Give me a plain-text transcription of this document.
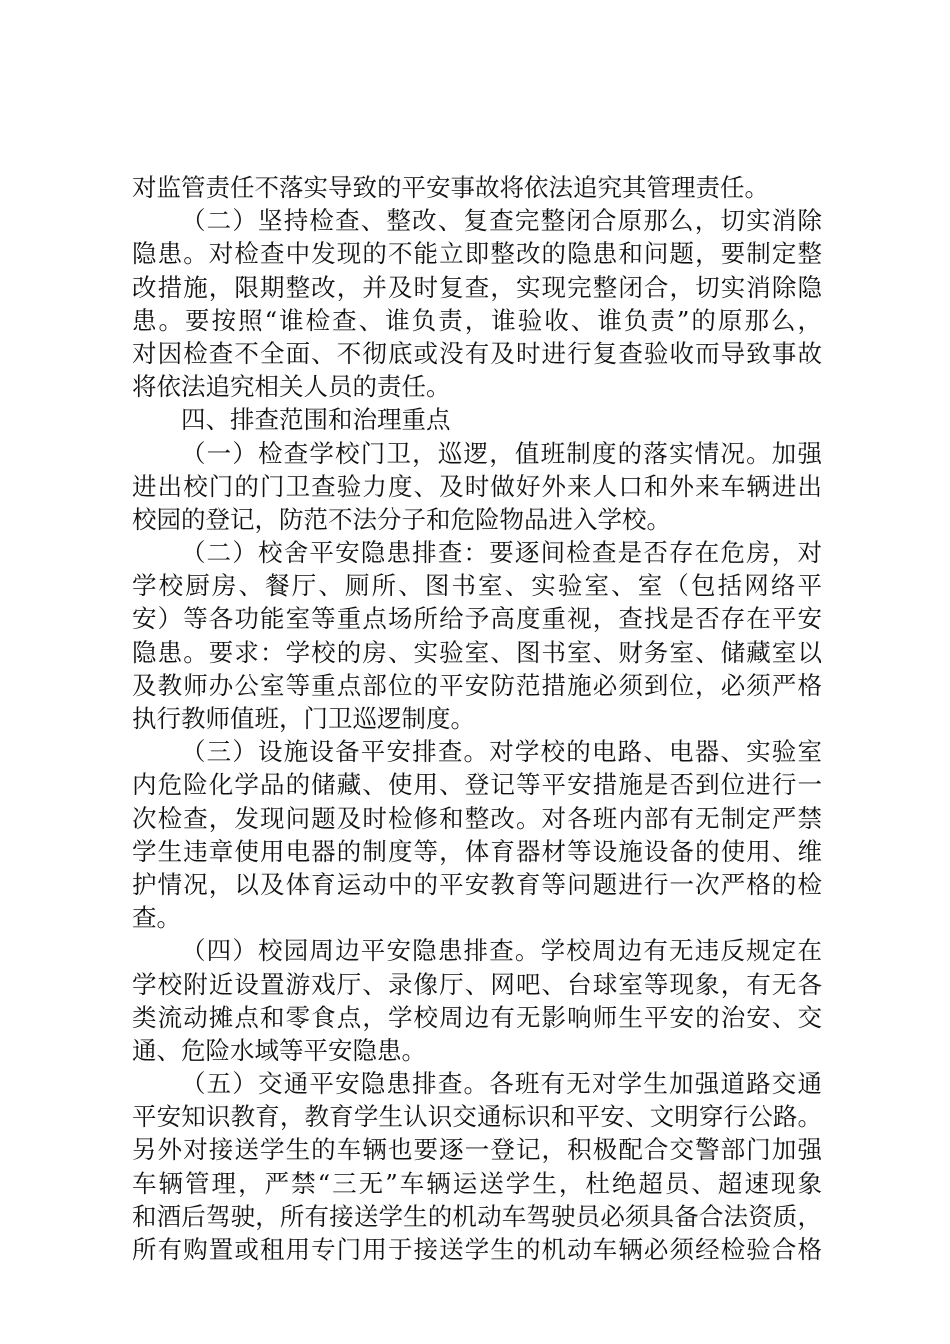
对监管责任不落实导致的平安事故将依法追究其管理责任。
（二）坚持检查、整改、复查完整闭合原那么，切实消除
隐患。对检查中发现的不能立即整改的隐患和问题，要制定整
改措施，限期整改，并及时复查，实现完整闭合，切实消除隐
患。要按照“谁检查、谁负责，谁验收、谁负责”的原那么，
对因检查不全面、不彻底或没有及时进行复查验收而导致事故
将依法追究相关人员的责任。
四、排查范围和治理重点
（一）检查学校门卫，巡逻，值班制度的落实情况。加强
进出校门的门卫查验力度、及时做好外来人口和外来车辆进出
校园的登记，防范不法分子和危险物品进入学校。
（二）校舍平安隐患排查：要逐间检查是否存在危房，对
学校厨房、餐厅、厕所、图书室、实验室、室（包括网络平
安）等各功能室等重点场所给予高度重视，查找是否存在平安
隐患。要求：学校的房、实验室、图书室、财务室、储藏室以
及教师办公室等重点部位的平安防范措施必须到位，必须严格
执行教师值班，门卫巡逻制度。
（三）设施设备平安排查。对学校的电路、电器、实验室
内危险化学品的储藏、使用、登记等平安措施是否到位进行一
次检查，发现问题及时检修和整改。对各班内部有无制定严禁
学生违章使用电器的制度等，体育器材等设施设备的使用、维
护情况，以及体育运动中的平安教育等问题进行一次严格的检
查。
（四）校园周边平安隐患排查。学校周边有无违反规定在
学校附近设置游戏厅、录像厅、网吧、台球室等现象，有无各
类流动摊点和零食点，学校周边有无影响师生平安的治安、交
通、危险水域等平安隐患。
（五）交通平安隐患排查。各班有无对学生加强道路交通
平安知识教育，教育学生认识交通标识和平安、文明穿行公路。
另外对接送学生的车辆也要逐一登记，积极配合交警部门加强
车辆管理，严禁“三无”车辆运送学生，杜绝超员、超速现象
和酒后驾驶，所有接送学生的机动车驾驶员必须具备合法资质，
所有购置或租用专门用于接送学生的机动车辆必须经检验合格
